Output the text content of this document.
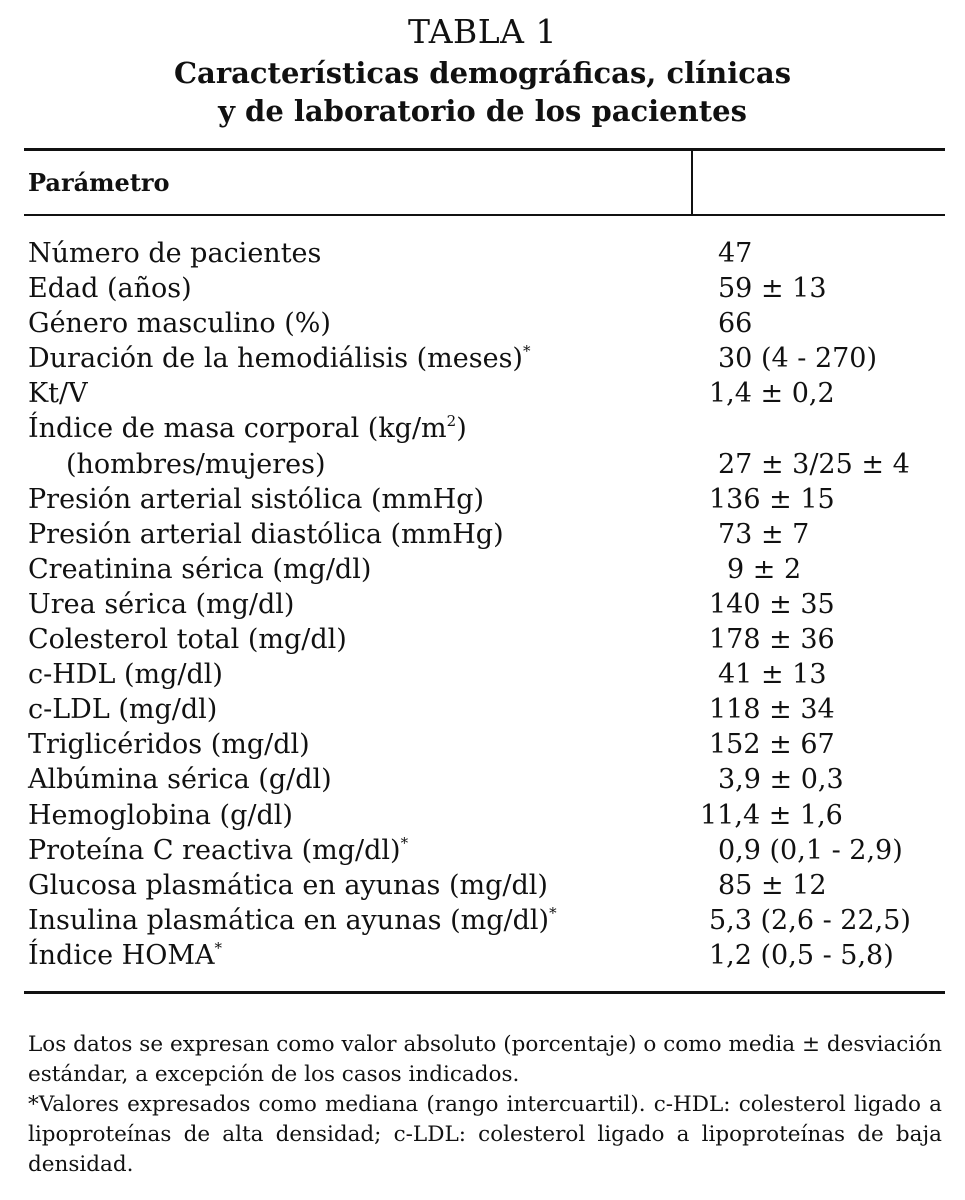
TABLA 1
Características demográficas, clínicas
y de laboratorio de los pacientes
Parámetro
Número de pacientes	47
Edad (años)	59 ± 13
Género masculino (%)	66
Duración de la hemodiálisis (meses)*	30 (4 - 270)
Kt/V	1,4 ± 0,2
Índice de masa corporal $(kg/m^2)$
(hombres/mujeres)	27 ± 3/25 ± 4
Presión arterial sistólica (mmHg)	136 ± 15
Presión arterial diastólica (mmHg)	73 ± 7
Creatinina sérica (mg/dl)	9 ± 2
Urea sérica (mg/dl)	140 ± 35
Colesterol total (mg/dl)	178 ± 36
c-HDL (mg/dl)	41 ± 13
c-LDL (mg/dl)	118 ± 34
Triglicéridos (mg/dl)	152 ± 67
Albúmina sérica (g/dl)	3,9 ± 0,3
Hemoglobina (g/dl)	11,4 ± 1,6
Proteína C reactiva (mg/dl)*	0,9 (0,1 - 2,9)
Glucosa plasmática en ayunas (mg/dl)	85 ± 12
Insulina plasmática en ayunas (mg/dl)*	5,3 (2,6 - 22,5)
Índice HOMA*	1,2 (0,5 - 5,8)

Los datos se expresan como valor absoluto (porcentaje) o como media ± desviación estándar, a excepción de los casos indicados.

*Valores expresados como mediana (rango intercuartil). c-HDL: colesterol ligado a lipoproteínas de alta densidad; c-LDL: colesterol ligado a lipoproteínas de baja densidad.
